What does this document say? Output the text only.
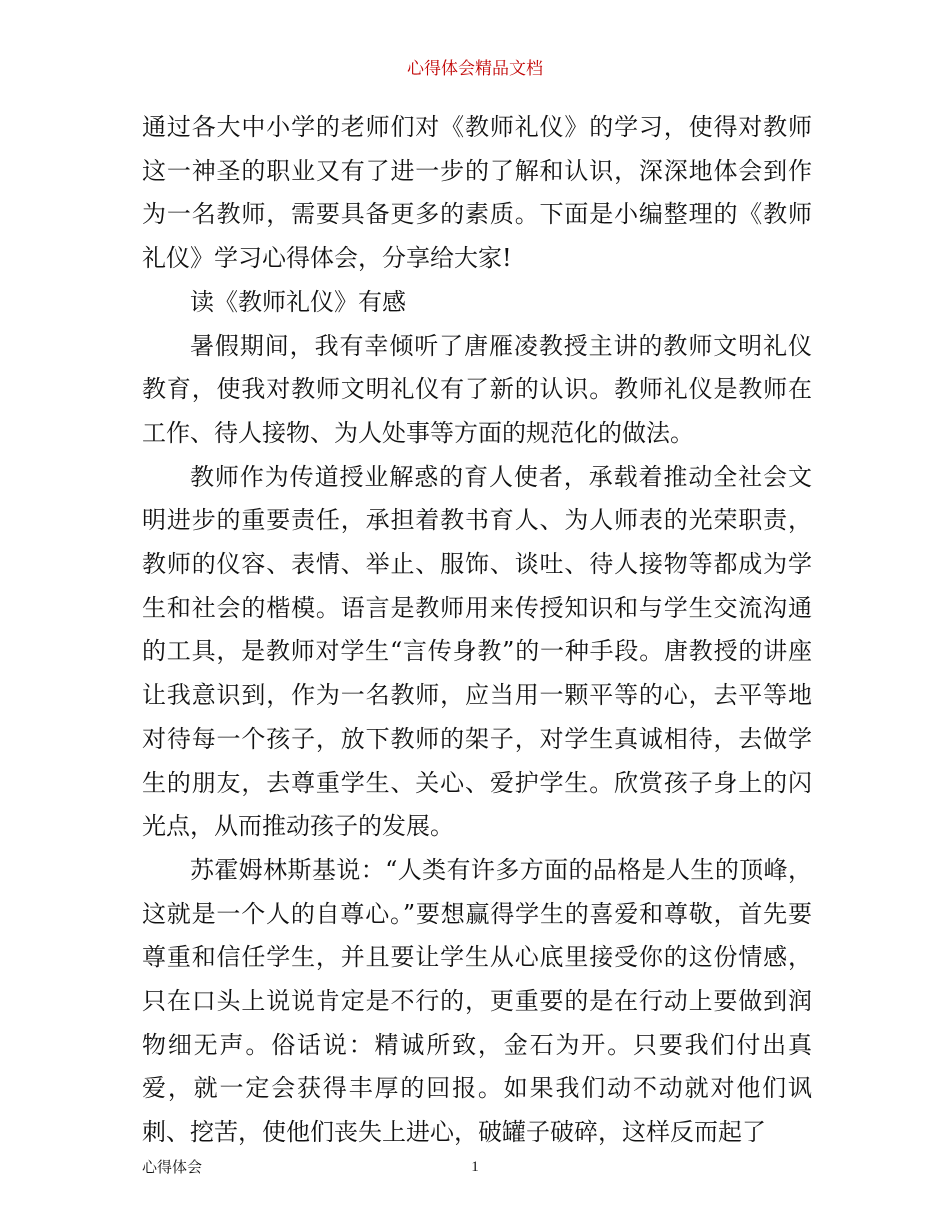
心得体会精品文档

通过各大中小学的老师们对《教师礼仪》的学习，使得对教师这一神圣的职业又有了进一步的了解和认识，深深地体会到作为一名教师，需要具备更多的素质。下面是小编整理的《教师礼仪》学习心得体会，分享给大家!

读《教师礼仪》有感

暑假期间，我有幸倾听了唐雁凌教授主讲的教师文明礼仪教育，使我对教师文明礼仪有了新的认识。教师礼仪是教师在工作、待人接物、为人处事等方面的规范化的做法。

教师作为传道授业解惑的育人使者，承载着推动全社会文明进步的重要责任，承担着教书育人、为人师表的光荣职责，教师的仪容、表情、举止、服饰、谈吐、待人接物等都成为学生和社会的楷模。语言是教师用来传授知识和与学生交流沟通的工具，是教师对学生“言传身教”的一种手段。唐教授的讲座让我意识到，作为一名教师，应当用一颗平等的心，去平等地对待每一个孩子，放下教师的架子，对学生真诚相待，去做学生的朋友，去尊重学生、关心、爱护学生。欣赏孩子身上的闪光点，从而推动孩子的发展。

苏霍姆林斯基说：“人类有许多方面的品格是人生的顶峰，这就是一个人的自尊心。”要想赢得学生的喜爱和尊敬，首先要尊重和信任学生，并且要让学生从心底里接受你的这份情感，只在口头上说说肯定是不行的，更重要的是在行动上要做到润物细无声。俗话说：精诚所致，金石为开。只要我们付出真爱，就一定会获得丰厚的回报。如果我们动不动就对他们讽刺、挖苦，使他们丧失上进心，破罐子破碎，这样反而起了

心得体会	1
